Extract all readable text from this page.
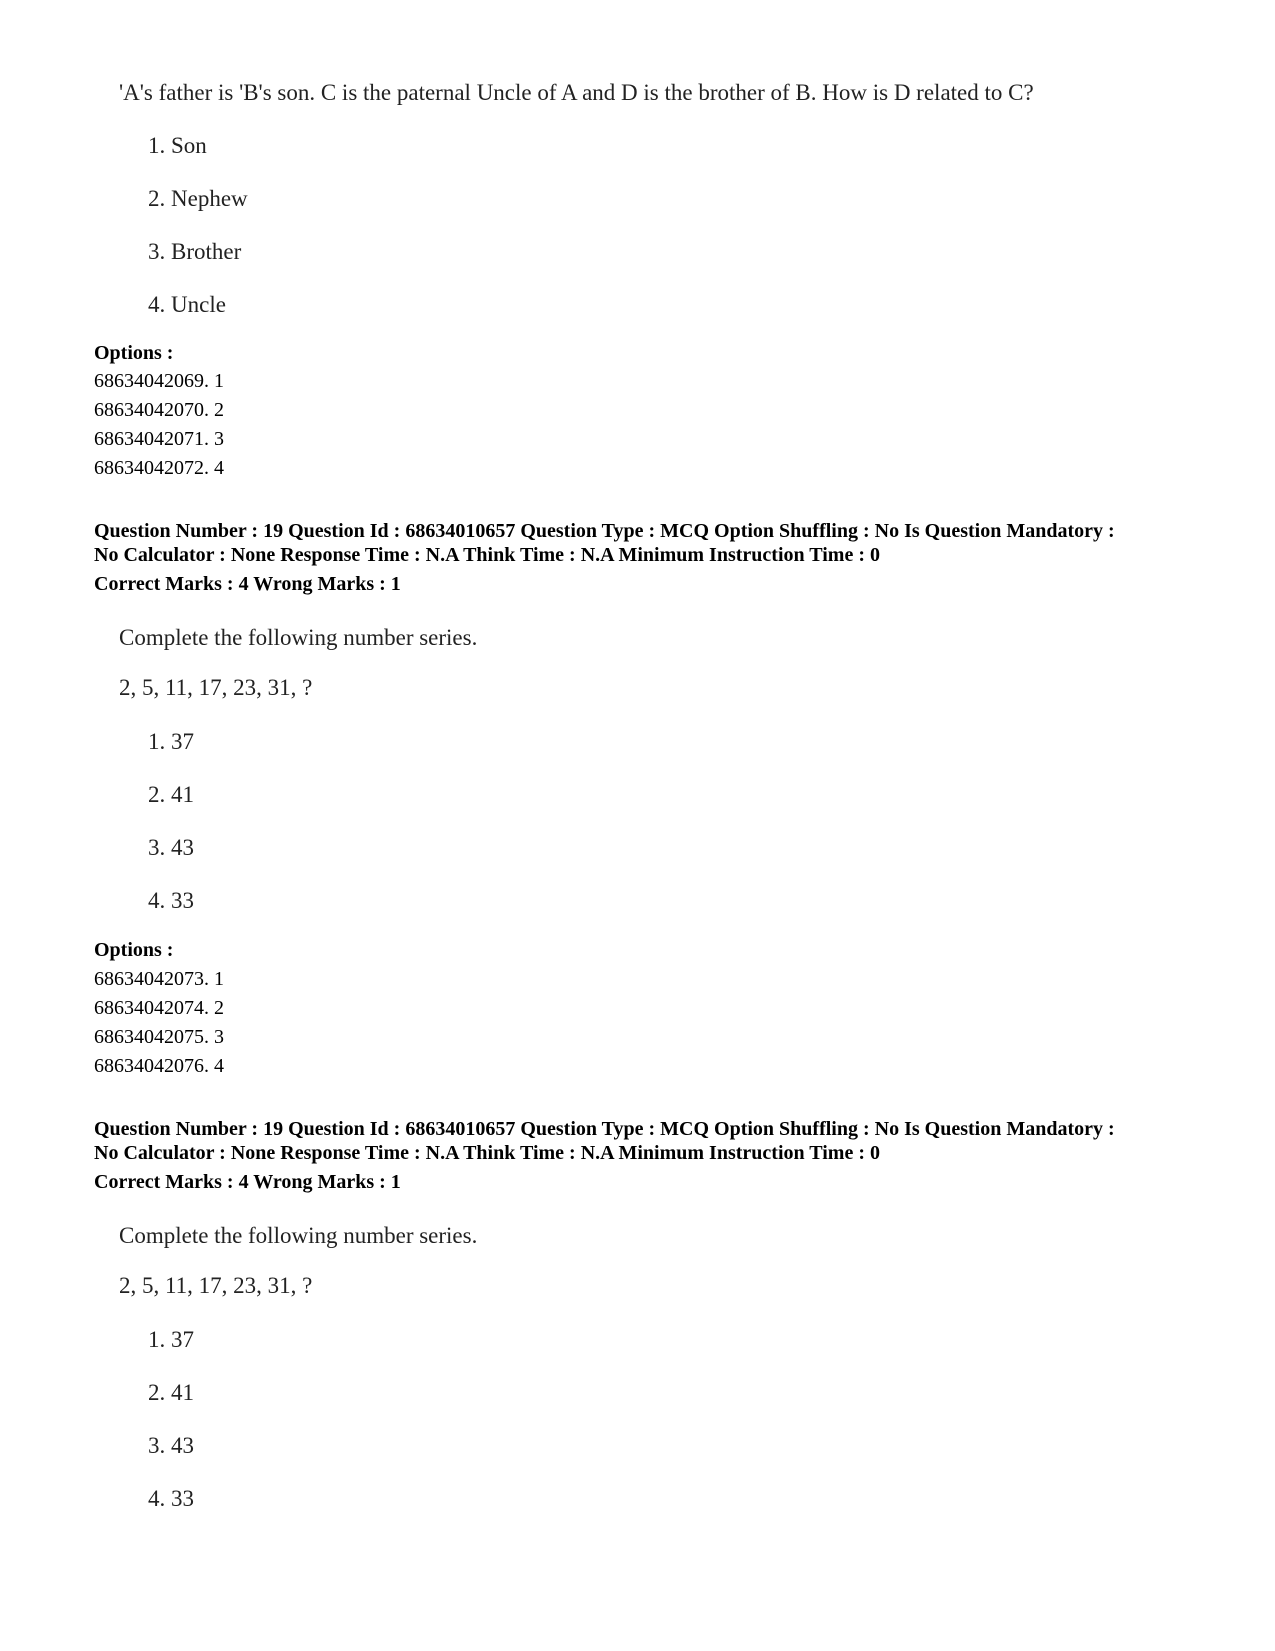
'A's father is 'B's son. C is the paternal Uncle of A and D is the brother of B. How is D related to C?
1. Son
2. Nephew
3. Brother
4. Uncle
Options :
68634042069. 1
68634042070. 2
68634042071. 3
68634042072. 4
Question Number : 19 Question Id : 68634010657 Question Type : MCQ Option Shuffling : No Is Question Mandatory :
No Calculator : None Response Time : N.A Think Time : N.A Minimum Instruction Time : 0
Correct Marks : 4 Wrong Marks : 1
Complete the following number series.
2, 5, 11, 17, 23, 31, ?
1. 37
2. 41
3. 43
4. 33
Options :
68634042073. 1
68634042074. 2
68634042075. 3
68634042076. 4
Question Number : 19 Question Id : 68634010657 Question Type : MCQ Option Shuffling : No Is Question Mandatory :
No Calculator : None Response Time : N.A Think Time : N.A Minimum Instruction Time : 0
Correct Marks : 4 Wrong Marks : 1
Complete the following number series.
2, 5, 11, 17, 23, 31, ?
1. 37
2. 41
3. 43
4. 33
